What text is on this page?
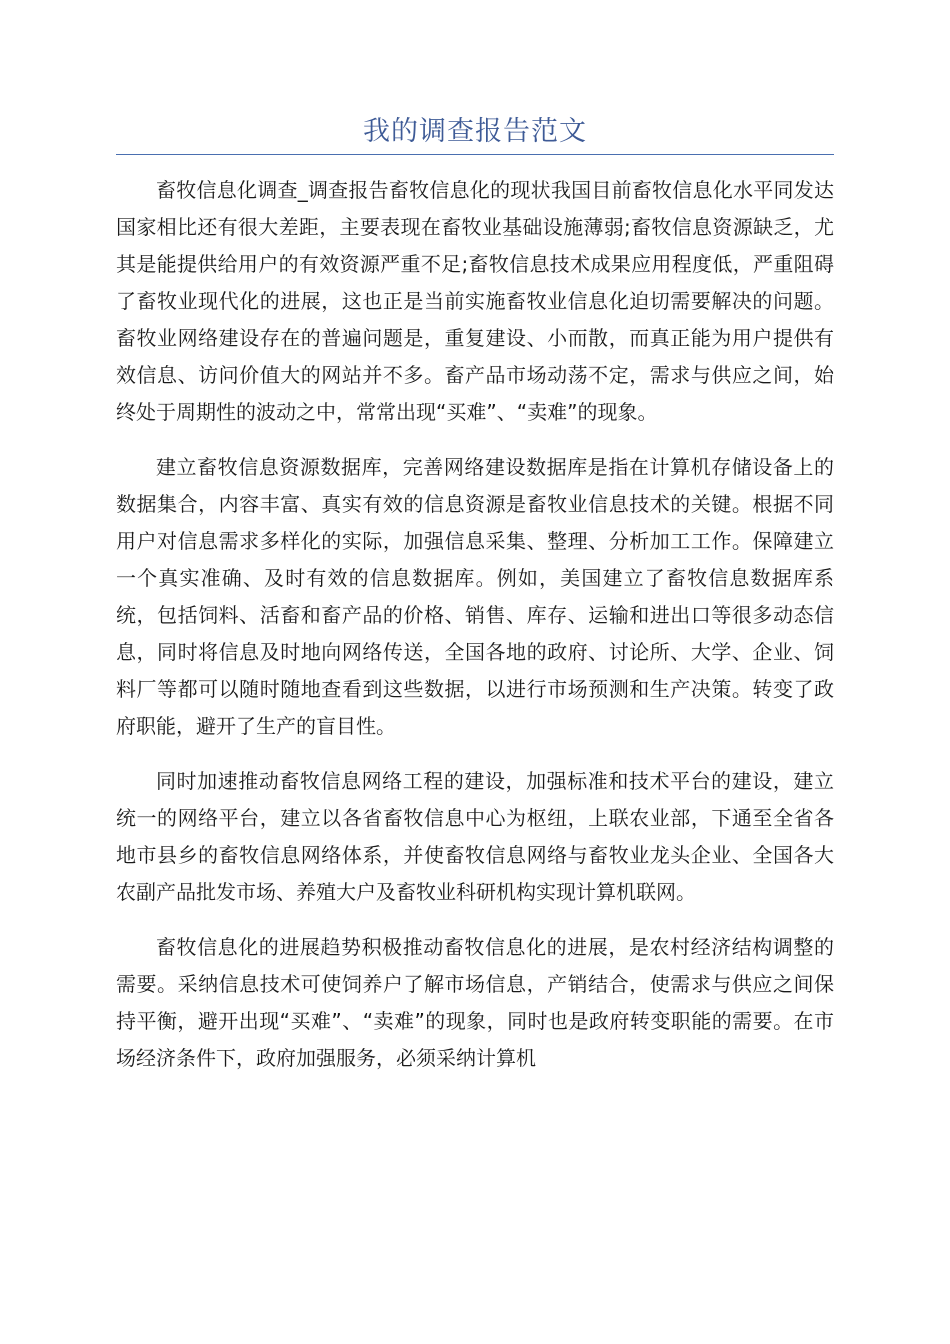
我的调查报告范文

畜牧信息化调查_调查报告畜牧信息化的现状我国目前畜牧信息化水平同发达国家相比还有很大差距，主要表现在畜牧业基础设施薄弱;畜牧信息资源缺乏，尤其是能提供给用户的有效资源严重不足;畜牧信息技术成果应用程度低，严重阻碍了畜牧业现代化的进展，这也正是当前实施畜牧业信息化迫切需要解决的问题。畜牧业网络建设存在的普遍问题是，重复建设、小而散，而真正能为用户提供有效信息、访问价值大的网站并不多。畜产品市场动荡不定，需求与供应之间，始终处于周期性的波动之中，常常出现“买难”、“卖难”的现象。

建立畜牧信息资源数据库，完善网络建设数据库是指在计算机存储设备上的数据集合，内容丰富、真实有效的信息资源是畜牧业信息技术的关键。根据不同用户对信息需求多样化的实际，加强信息采集、整理、分析加工工作。保障建立一个真实准确、及时有效的信息数据库。例如，美国建立了畜牧信息数据库系统，包括饲料、活畜和畜产品的价格、销售、库存、运输和进出口等很多动态信息，同时将信息及时地向网络传送，全国各地的政府、讨论所、大学、企业、饲料厂等都可以随时随地查看到这些数据，以进行市场预测和生产决策。转变了政府职能，避开了生产的盲目性。

同时加速推动畜牧信息网络工程的建设，加强标准和技术平台的建设，建立统一的网络平台，建立以各省畜牧信息中心为枢纽，上联农业部，下通至全省各地市县乡的畜牧信息网络体系，并使畜牧信息网络与畜牧业龙头企业、全国各大农副产品批发市场、养殖大户及畜牧业科研机构实现计算机联网。

畜牧信息化的进展趋势积极推动畜牧信息化的进展，是农村经济结构调整的需要。采纳信息技术可使饲养户了解市场信息，产销结合，使需求与供应之间保持平衡，避开出现“买难”、“卖难”的现象，同时也是政府转变职能的需要。在市场经济条件下，政府加强服务，必须采纳计算机
